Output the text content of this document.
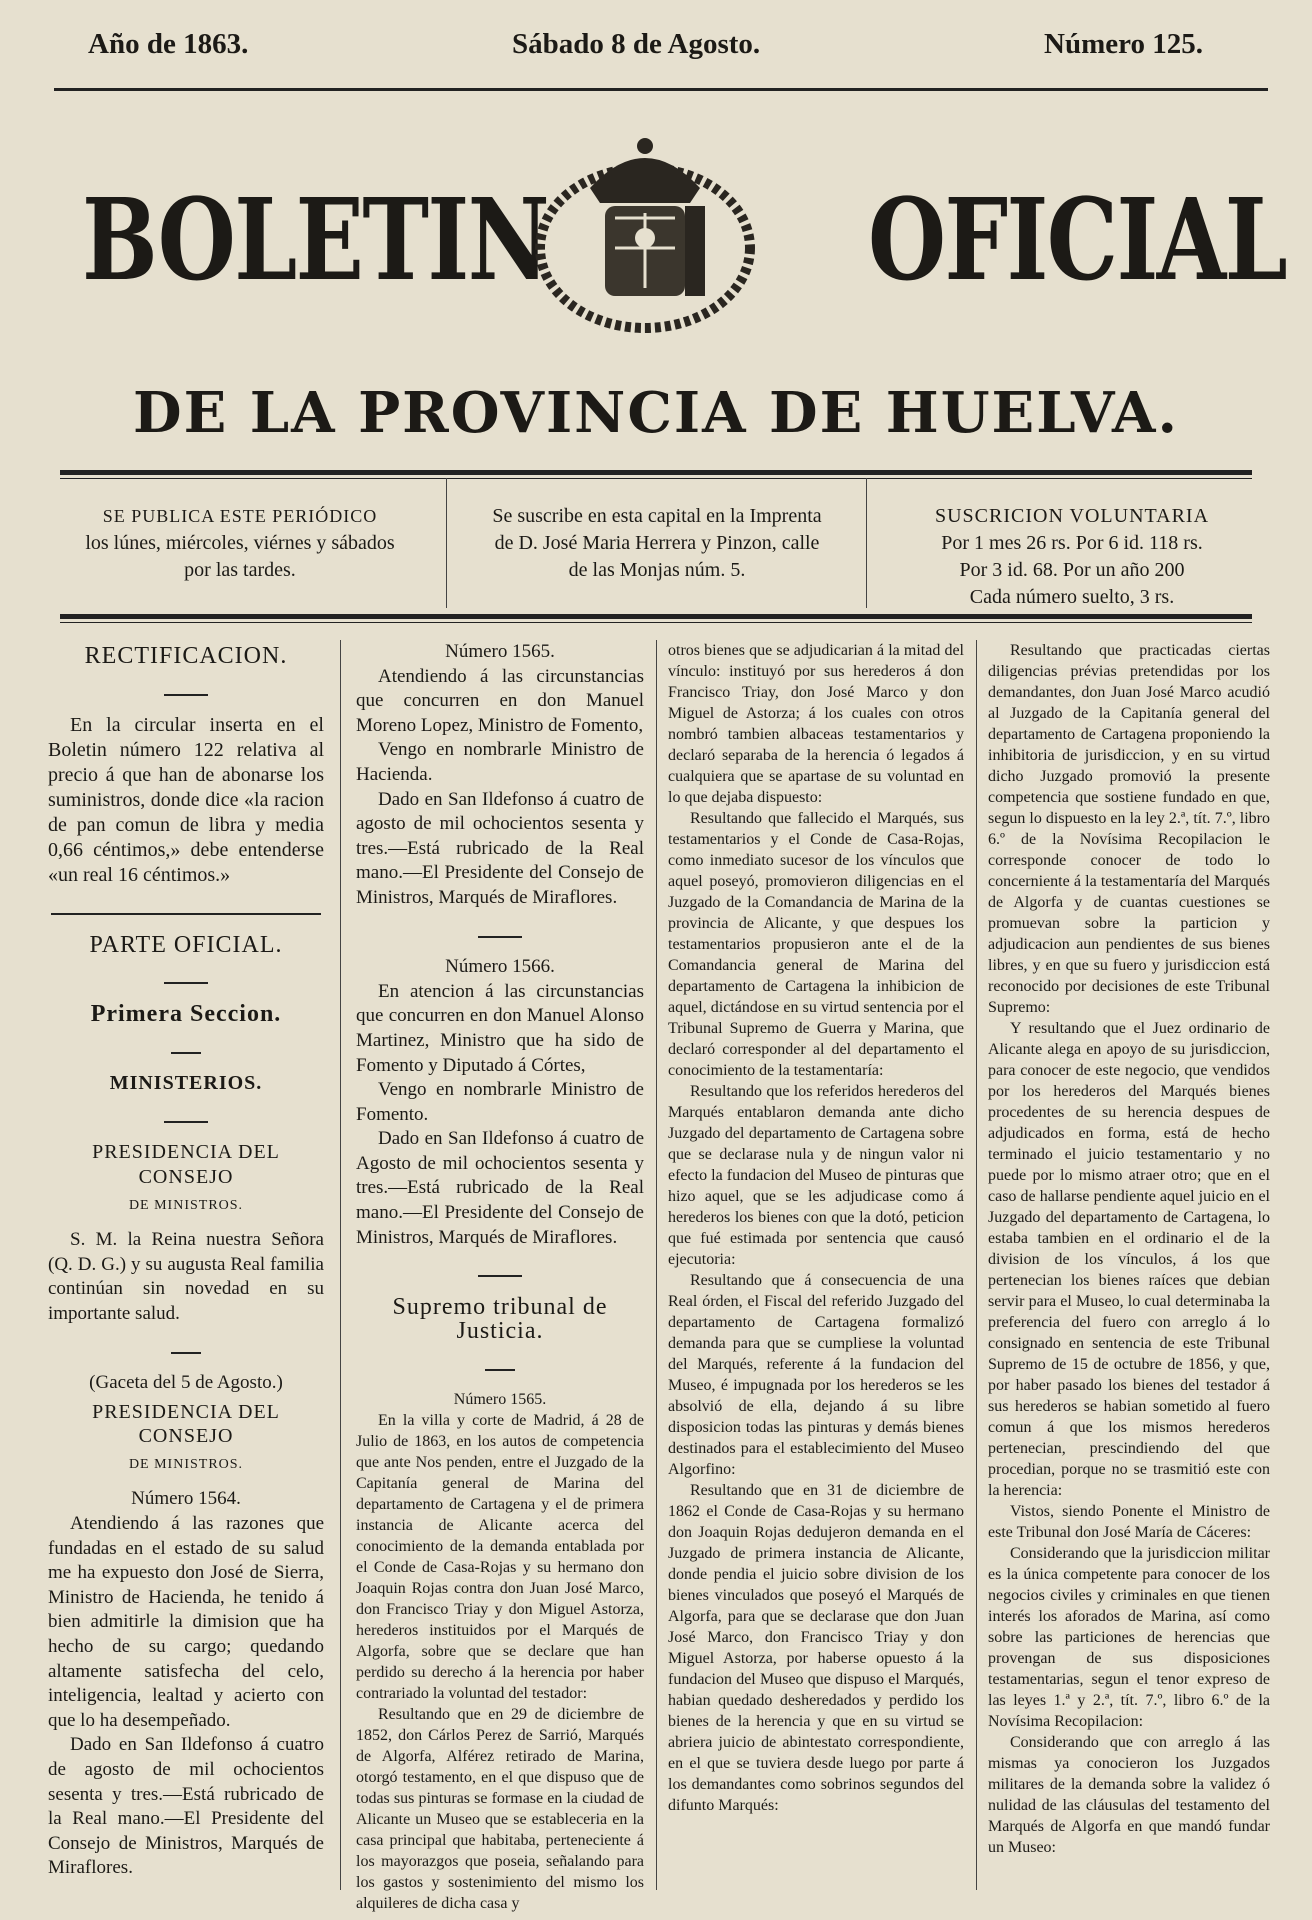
Año de 1863.	Sábado 8 de Agosto.	Número 125.
BOLETIN	OFICIAL
DE LA PROVINCIA DE HUELVA.
SE PUBLICA ESTE PERIÓDICO
los lúnes, miércoles, viérnes y sábados
por las tardes.
Se suscribe en esta capital en la Imprenta
de D. José Maria Herrera y Pinzon, calle
de las Monjas núm. 5.
SUSCRICION VOLUNTARIA
Por 1 mes 26 rs. Por 6 id. 118 rs.
Por 3 id. 68. Por un año 200
Cada número suelto, 3 rs.
RECTIFICACION.

En la circular inserta en el Boletin número 122 relativa al precio á que han de abonarse los suministros, donde dice «la racion de pan comun de libra y media 0,66 céntimos,» debe entenderse «un real 16 céntimos.»

PARTE OFICIAL.
Primera Seccion.
MINISTERIOS.
PRESIDENCIA DEL CONSEJO
DE MINISTROS.

S. M. la Reina nuestra Señora (Q. D. G.) y su augusta Real familia continúan sin novedad en su importante salud.

(Gaceta del 5 de Agosto.)

PRESIDENCIA DEL CONSEJO
DE MINISTROS.

Número 1564.

Atendiendo á las razones que fundadas en el estado de su salud me ha expuesto don José de Sierra, Ministro de Hacienda, he tenido á bien admitirle la dimision que ha hecho de su cargo; quedando altamente satisfecha del celo, inteligencia, lealtad y acierto con que lo ha desempeñado.

Dado en San Ildefonso á cuatro de agosto de mil ochocientos sesenta y tres.—Está rubricado de la Real mano.—El Presidente del Consejo de Ministros, Marqués de Miraflores.

Número 1565.

Atendiendo á las circunstancias que concurren en don Manuel Moreno Lopez, Ministro de Fomento,

Vengo en nombrarle Ministro de Hacienda.

Dado en San Ildefonso á cuatro de agosto de mil ochocientos sesenta y tres.—Está rubricado de la Real mano.—El Presidente del Consejo de Ministros, Marqués de Miraflores.

Número 1566.

En atencion á las circunstancias que concurren en don Manuel Alonso Martinez, Ministro que ha sido de Fomento y Diputado á Córtes,

Vengo en nombrarle Ministro de Fomento.

Dado en San Ildefonso á cuatro de Agosto de mil ochocientos sesenta y tres.—Está rubricado de la Real mano.—El Presidente del Consejo de Ministros, Marqués de Miraflores.

Supremo tribunal de Justicia.

Número 1565.

En la villa y corte de Madrid, á 28 de Julio de 1863, en los autos de competencia que ante Nos penden, entre el Juzgado de la Capitanía general de Marina del departamento de Cartagena y el de primera instancia de Alicante acerca del conocimiento de la demanda entablada por el Conde de Casa-Rojas y su hermano don Joaquin Rojas contra don Juan José Marco, don Francisco Triay y don Miguel Astorza, herederos instituidos por el Marqués de Algorfa, sobre que se declare que han perdido su derecho á la herencia por haber contrariado la voluntad del testador:

Resultando que en 29 de diciembre de 1852, don Cárlos Perez de Sarrió, Marqués de Algorfa, Alférez retirado de Marina, otorgó testamento, en el que dispuso que de todas sus pinturas se formase en la ciudad de Alicante un Museo que se estableceria en la casa principal que habitaba, perteneciente á los mayorazgos que poseia, señalando para los gastos y sostenimiento del mismo los alquileres de dicha casa y

otros bienes que se adjudicarian á la mitad del vínculo: instituyó por sus herederos á don Francisco Triay, don José Marco y don Miguel de Astorza; á los cuales con otros nombró tambien albaceas testamentarios y declaró separaba de la herencia ó legados á cualquiera que se apartase de su voluntad en lo que dejaba dispuesto:

Resultando que fallecido el Marqués, sus testamentarios y el Conde de Casa-Rojas, como inmediato sucesor de los vínculos que aquel poseyó, promovieron diligencias en el Juzgado de la Comandancia de Marina de la provincia de Alicante, y que despues los testamentarios propusieron ante el de la Comandancia general de Marina del departamento de Cartagena la inhibicion de aquel, dictándose en su virtud sentencia por el Tribunal Supremo de Guerra y Marina, que declaró corresponder al del departamento el conocimiento de la testamentaría:

Resultando que los referidos herederos del Marqués entablaron demanda ante dicho Juzgado del departamento de Cartagena sobre que se declarase nula y de ningun valor ni efecto la fundacion del Museo de pinturas que hizo aquel, que se les adjudicase como á herederos los bienes con que la dotó, peticion que fué estimada por sentencia que causó ejecutoria:

Resultando que á consecuencia de una Real órden, el Fiscal del referido Juzgado del departamento de Cartagena formalizó demanda para que se cumpliese la voluntad del Marqués, referente á la fundacion del Museo, é impugnada por los herederos se les absolvió de ella, dejando á su libre disposicion todas las pinturas y demás bienes destinados para el establecimiento del Museo Algorfino:

Resultando que en 31 de diciembre de 1862 el Conde de Casa-Rojas y su hermano don Joaquin Rojas dedujeron demanda en el Juzgado de primera instancia de Alicante, donde pendia el juicio sobre division de los bienes vinculados que poseyó el Marqués de Algorfa, para que se declarase que don Juan José Marco, don Francisco Triay y don Miguel Astorza, por haberse opuesto á la fundacion del Museo que dispuso el Marqués, habian quedado desheredados y perdido los bienes de la herencia y que en su virtud se abriera juicio de abintestato correspondiente, en el que se tuviera desde luego por parte á los demandantes como sobrinos segundos del difunto Marqués:

Resultando que practicadas ciertas diligencias prévias pretendidas por los demandantes, don Juan José Marco acudió al Juzgado de la Capitanía general del departamento de Cartagena proponiendo la inhibitoria de jurisdiccion, y en su virtud dicho Juzgado promovió la presente competencia que sostiene fundado en que, segun lo dispuesto en la ley 2.ª, tít. 7.º, libro 6.º de la Novísima Recopilacion le corresponde conocer de todo lo concerniente á la testamentaría del Marqués de Algorfa y de cuantas cuestiones se promuevan sobre la particion y adjudicacion aun pendientes de sus bienes libres, y en que su fuero y jurisdiccion está reconocido por decisiones de este Tribunal Supremo:

Y resultando que el Juez ordinario de Alicante alega en apoyo de su jurisdiccion, para conocer de este negocio, que vendidos por los herederos del Marqués bienes procedentes de su herencia despues de adjudicados en forma, está de hecho terminado el juicio testamentario y no puede por lo mismo atraer otro; que en el caso de hallarse pendiente aquel juicio en el Juzgado del departamento de Cartagena, lo estaba tambien en el ordinario el de la division de los vínculos, á los que pertenecian los bienes raíces que debian servir para el Museo, lo cual determinaba la preferencia del fuero con arreglo á lo consignado en sentencia de este Tribunal Supremo de 15 de octubre de 1856, y que, por haber pasado los bienes del testador á sus herederos se habian sometido al fuero comun á que los mismos herederos pertenecian, prescindiendo del que procedian, porque no se trasmitió este con la herencia:

Vistos, siendo Ponente el Ministro de este Tribunal don José María de Cáceres:

Considerando que la jurisdiccion militar es la única competente para conocer de los negocios civiles y criminales en que tienen interés los aforados de Marina, así como sobre las particiones de herencias que provengan de sus disposiciones testamentarias, segun el tenor expreso de las leyes 1.ª y 2.ª, tít. 7.º, libro 6.º de la Novísima Recopilacion:

Considerando que con arreglo á las mismas ya conocieron los Juzgados militares de la demanda sobre la validez ó nulidad de las cláusulas del testamento del Marqués de Algorfa en que mandó fundar un Museo:
